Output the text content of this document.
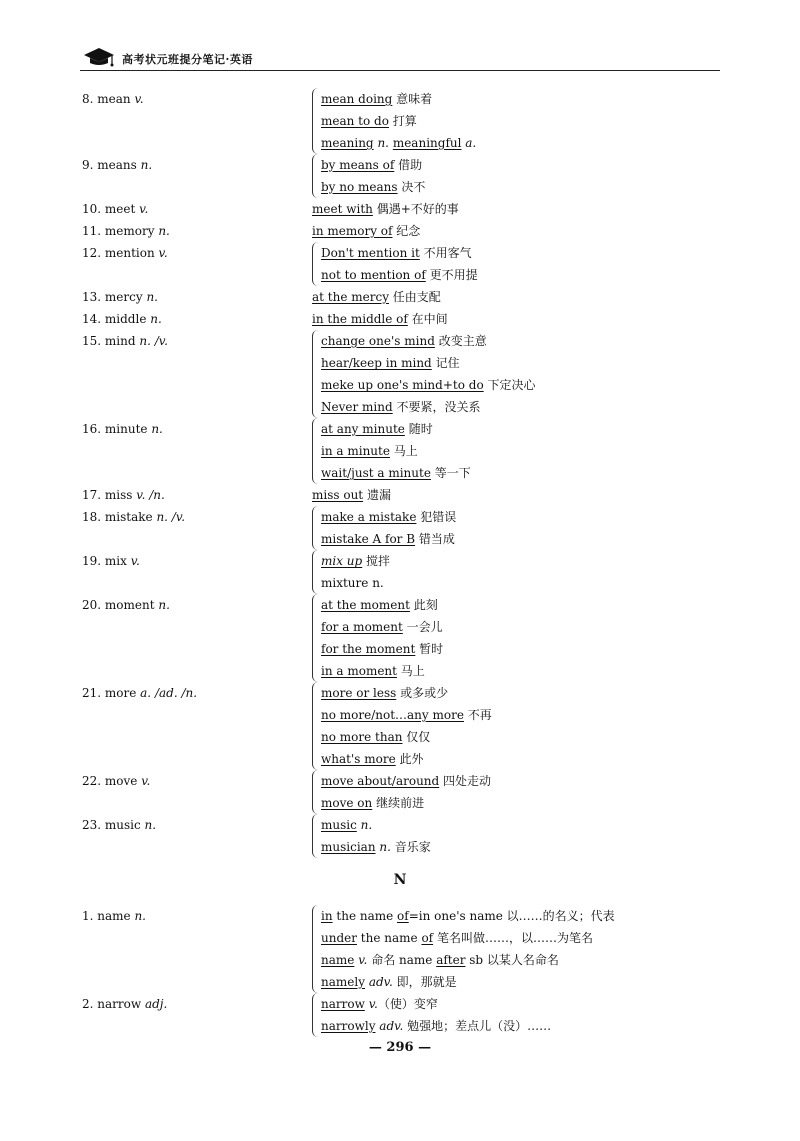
高考状元班提分笔记·英语
8. mean v.	mean doing 意味着
mean to do 打算
meaning n. meaningful a.
9. means n.	by means of 借助
by no means 决不
10. meet v.	meet with 偶遇+不好的事
11. memory n.	in memory of 纪念
12. mention v.	Don't mention it 不用客气
not to mention of 更不用提
13. mercy n.	at the mercy 任由支配
14. middle n.	in the middle of 在中间
15. mind n. /v.	change one's mind 改变主意
hear/keep in mind 记住
meke up one's mind+to do 下定决心
Never mind 不要紧，没关系
16. minute n.	at any minute 随时
in a minute 马上
wait/just a minute 等一下
17. miss v. /n.	miss out 遗漏
18. mistake n. /v.	make a mistake 犯错误
mistake A for B 错当成
19. mix v.	mix up 搅拌
mixture n.
20. moment n.	at the moment 此刻
for a moment 一会儿
for the moment 暂时
in a moment 马上
21. more a. /ad. /n.	more or less 或多或少
no more/not…any more 不再
no more than 仅仅
what's more 此外
22. move v.	move about/around 四处走动
move on 继续前进
23. music n.	music n.
musician n. 音乐家
1. name n.	in the name of=in one's name 以……的名义；代表
under the name of 笔名叫做……，以……为笔名
name v. 命名 name after sb 以某人名命名
namely adv. 即，那就是
2. narrow adj.	narrow v.（使）变窄
narrowly adv. 勉强地；差点儿（没）……
N
— 296 —
